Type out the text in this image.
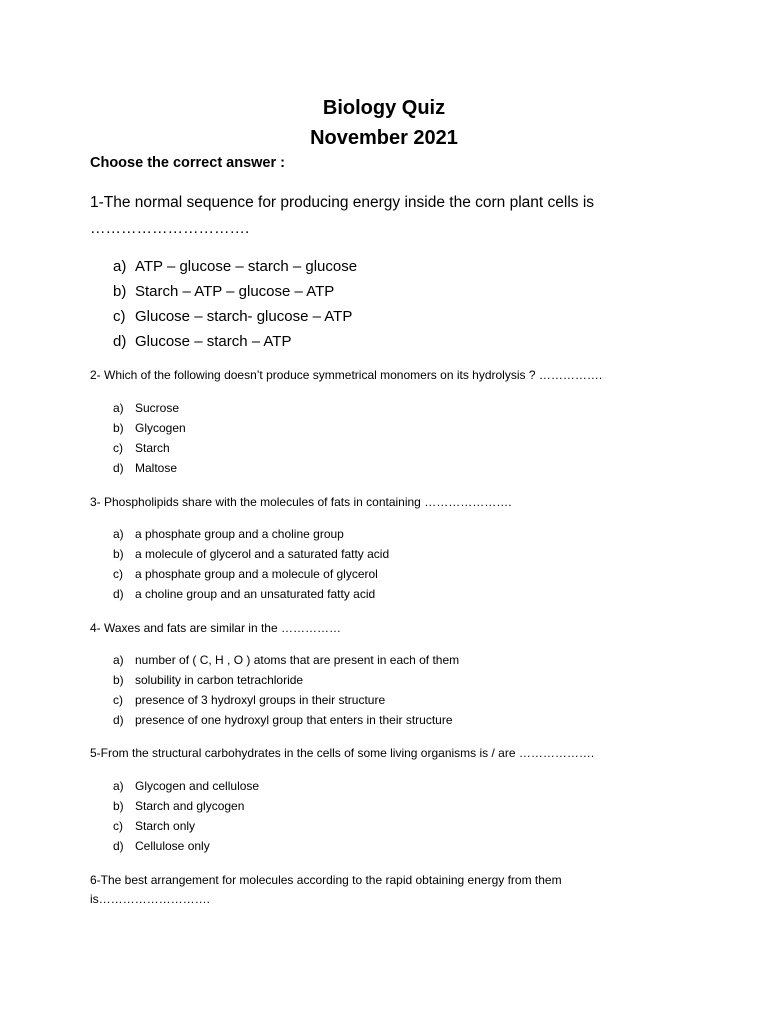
Biology Quiz
November 2021
Choose the correct answer :
1-The normal sequence for producing energy inside the corn plant cells is ………………………….
a) ATP – glucose – starch – glucose
b) Starch – ATP – glucose – ATP
c) Glucose – starch- glucose – ATP
d) Glucose – starch – ATP
2- Which of the following doesn’t produce symmetrical monomers on its hydrolysis ? …………….
a) Sucrose
b) Glycogen
c) Starch
d) Maltose
3- Phospholipids share with the molecules of fats in containing ………………….
a) a phosphate group and a choline group
b) a molecule of glycerol and a saturated fatty acid
c) a phosphate group and a molecule of glycerol
d) a choline group and an unsaturated fatty acid
4- Waxes and fats are similar in the ……………
a) number of ( C, H , O ) atoms that are present in each of them
b) solubility in carbon tetrachloride
c) presence of 3 hydroxyl groups in their structure
d) presence of one hydroxyl group that enters in their structure
5-From the structural carbohydrates in the cells of some living organisms is / are ……………….
a) Glycogen and cellulose
b) Starch and glycogen
c) Starch only
d) Cellulose only
6-The best arrangement for molecules according to the rapid obtaining energy from them is……………………….
